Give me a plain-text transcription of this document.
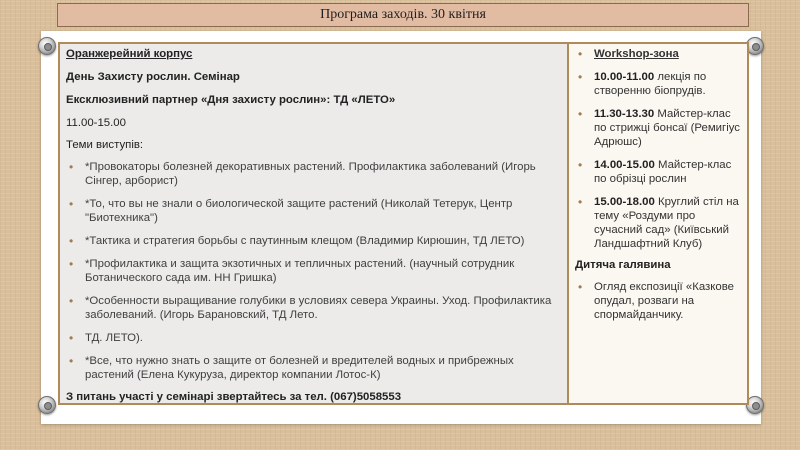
Програма заходів. 30 квітня
Оранжерейний корпус
День Захисту рослин. Семінар
Ексклюзивний партнер «Дня захисту рослин»: ТД «ЛЕТО»
11.00-15.00
Теми виступів:
• *Провокаторы болезней декоративных растений. Профилактика заболеваний (Игорь Сінгер, арборист)
• *То, что вы не знали о биологической защите растений (Николай Тетерук, Центр "Биотехника")
• *Тактика и стратегия борьбы с паутинным клещом (Владимир Кирюшин, ТД ЛЕТО)
• *Профилактика и защита экзотичных и тепличных растений. (научный сотрудник Ботанического сада им. НН Гришка)
• *Особенности выращивание голубики в условиях севера Украины. Уход. Профилактика заболеваний. (Игорь Барановский, ТД Лето.
• ТД. ЛЕТО).
• *Все, что нужно знать о защите от болезней и вредителей водных и прибрежных растений (Елена Кукуруза, директор компании Лотос-К)
З питань участі у семінарі звертайтесь за тел. (067)5058553
• Workshop-зона
• 10.00-11.00 лекція по створенню біопрудів.
• 11.30-13.30 Майстер-клас по стрижці бонсаї (Ремигіус Адрюшс)
• 14.00-15.00 Майстер-клас по обрізці рослин
• 15.00-18.00 Круглий стіл на тему «Роздуми про сучасний сад» (Київський Ландшафтний Клуб)
Дитяча галявина
• Огляд експозиції «Казкове опудал, розваги на спормайданчику.
